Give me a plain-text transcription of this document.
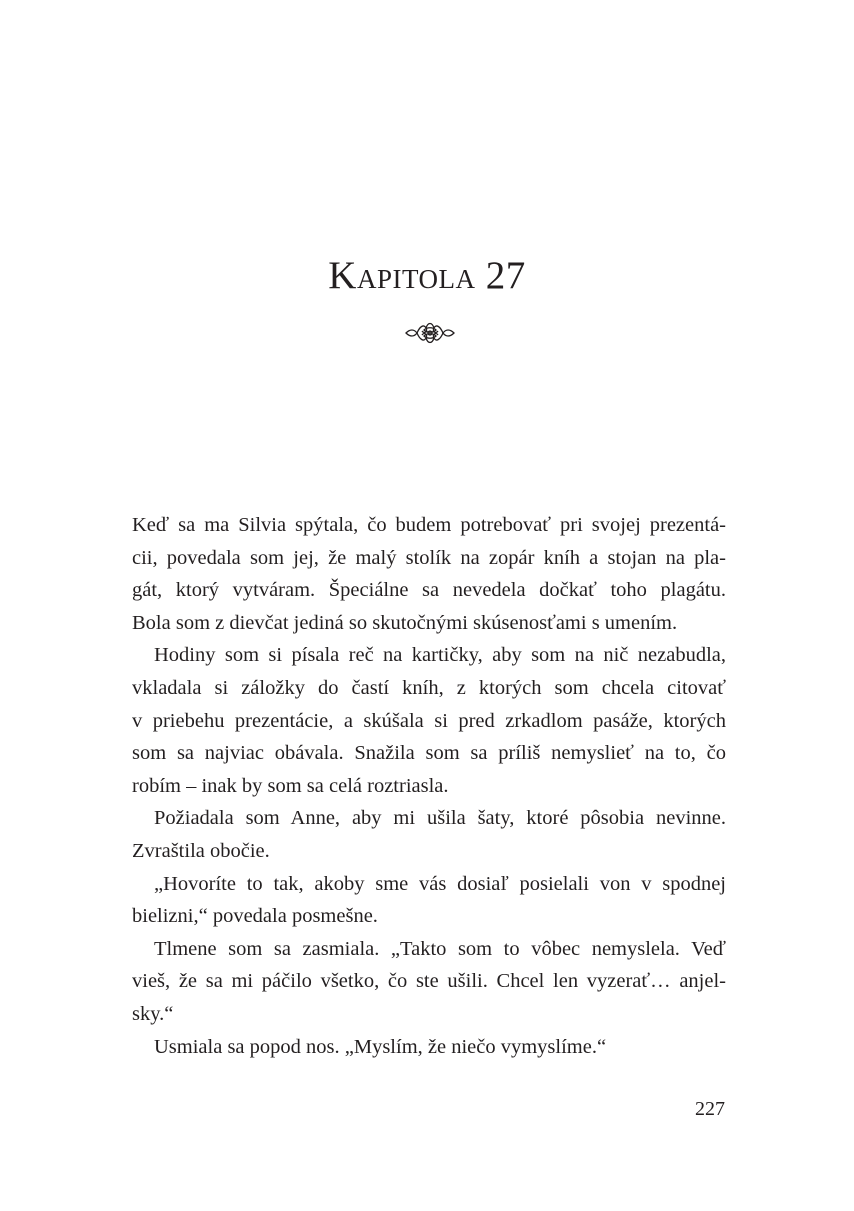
Kapitola 27
Keď sa ma Silvia spýtala, čo budem potrebovať pri svojej prezentá-
cii, povedala som jej, že malý stolík na zopár kníh a stojan na pla-
gát, ktorý vytváram. Špeciálne sa nevedela dočkať toho plagátu.
Bola som z dievčat jediná so skutočnými skúsenosťami s umením.
Hodiny som si písala reč na kartičky, aby som na nič nezabudla,
vkladala si záložky do častí kníh, z ktorých som chcela citovať
v priebehu prezentácie, a skúšala si pred zrkadlom pasáže, ktorých
som sa najviac obávala. Snažila som sa príliš nemyslieť na to, čo
robím – inak by som sa celá roztriasla.
Požiadala som Anne, aby mi ušila šaty, ktoré pôsobia nevinne.
Zvraštila obočie.
„Hovoríte to tak, akoby sme vás dosiaľ posielali von v spodnej
bielizni,“ povedala posmešne.
Tlmene som sa zasmiala. „Takto som to vôbec nemyslela. Veď
vieš, že sa mi páčilo všetko, čo ste ušili. Chcel len vyzerať… anjel-
sky.“
Usmiala sa popod nos. „Myslím, že niečo vymyslíme.“
227
